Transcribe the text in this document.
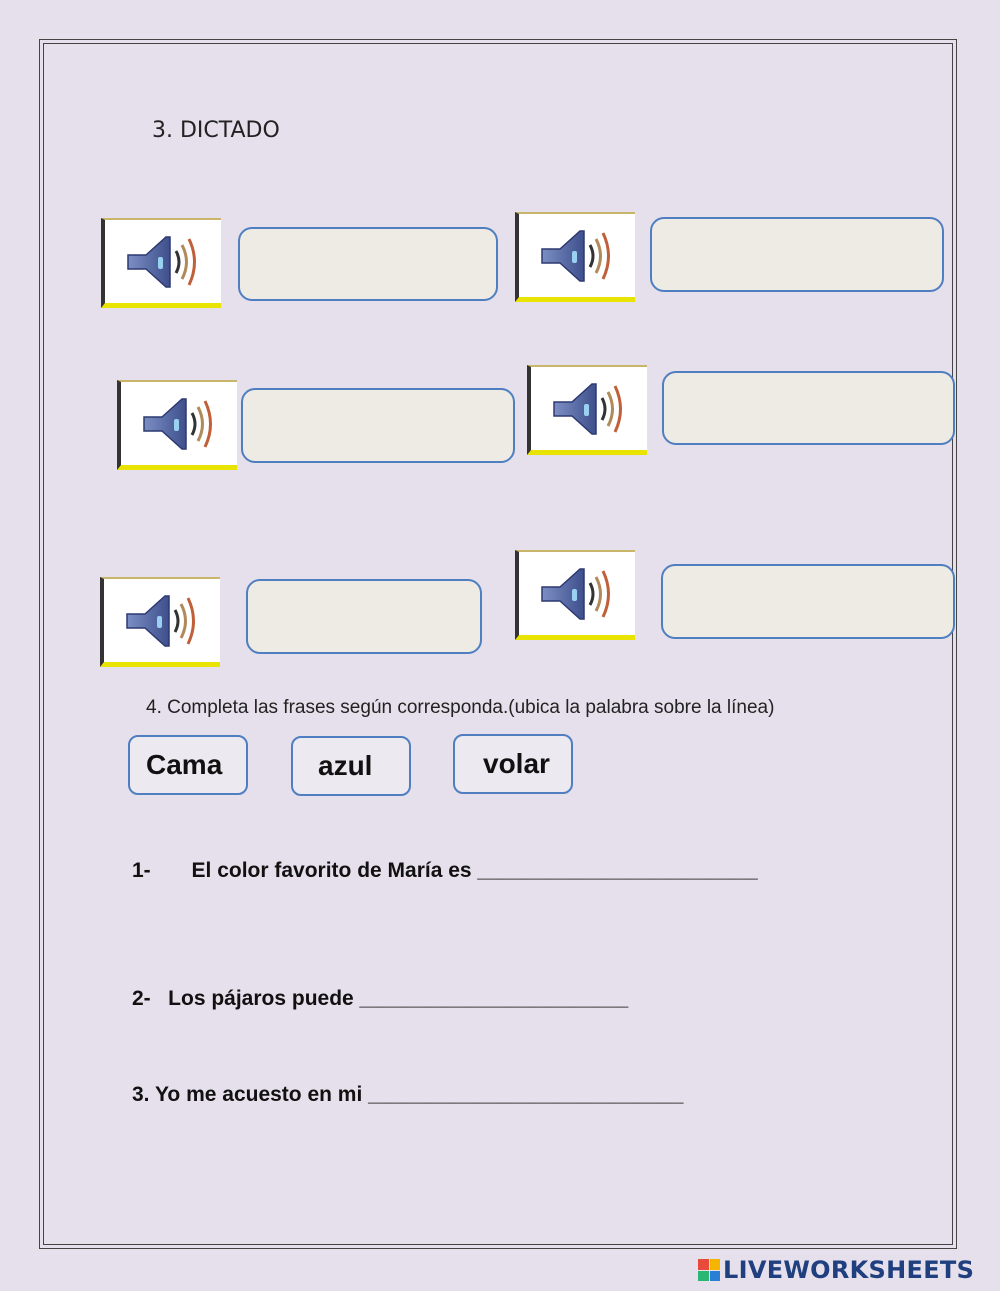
3. DICTADO
4. Completa las frases según corresponda.(ubica la palabra sobre la línea)
Cama	azul	volar
1-       El color favorito de María es ________________________
2-   Los pájaros puede _______________________
3. Yo me acuesto en mi ___________________________
LIVEWORKSHEETS
